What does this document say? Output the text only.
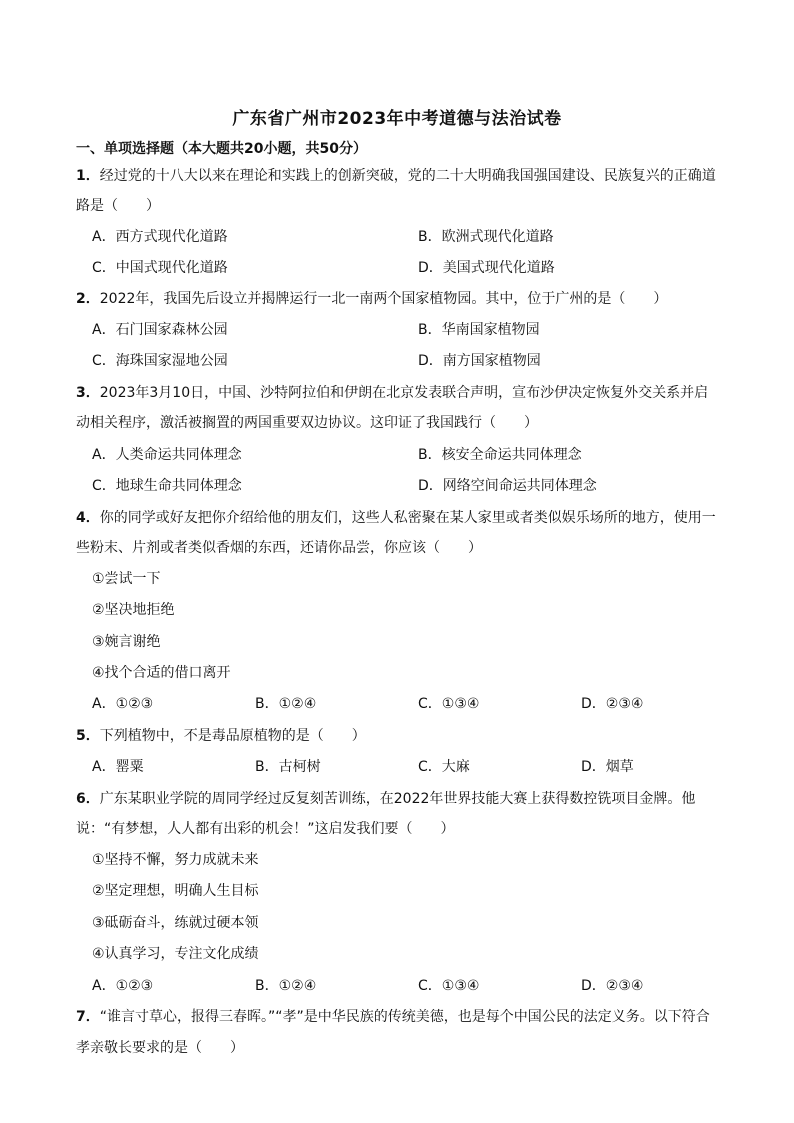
广东省广州市2023年中考道德与法治试卷
一、单项选择题（本大题共20小题，共50分）
1．经过党的十八大以来在理论和实践上的创新突破，党的二十大明确我国强国建设、民族复兴的正确道
路是（　　）
A．西方式现代化道路	B．欧洲式现代化道路
C．中国式现代化道路	D．美国式现代化道路
2．2022年，我国先后设立并揭牌运行一北一南两个国家植物园。其中，位于广州的是（　　）
A．石门国家森林公园	B．华南国家植物园
C．海珠国家湿地公园	D．南方国家植物园
3．2023年3月10日，中国、沙特阿拉伯和伊朗在北京发表联合声明，宣布沙伊决定恢复外交关系并启
动相关程序，激活被搁置的两国重要双边协议。这印证了我国践行（　　）
A．人类命运共同体理念	B．核安全命运共同体理念
C．地球生命共同体理念	D．网络空间命运共同体理念
4．你的同学或好友把你介绍给他的朋友们，这些人私密聚在某人家里或者类似娱乐场所的地方，使用一
些粉末、片剂或者类似香烟的东西，还请你品尝，你应该（　　）
①尝试一下
②坚决地拒绝
③婉言谢绝
④找个合适的借口离开
A．①②③	B．①②④	C．①③④	D．②③④
5．下列植物中，不是毒品原植物的是（　　）
A．罂粟	B．古柯树	C．大麻	D．烟草
6．广东某职业学院的周同学经过反复刻苦训练，在2022年世界技能大赛上获得数控铣项目金牌。他
说：“有梦想，人人都有出彩的机会！”这启发我们要（　　）
①坚持不懈，努力成就未来
②坚定理想，明确人生目标
③砥砺奋斗，练就过硬本领
④认真学习，专注文化成绩
A．①②③	B．①②④	C．①③④	D．②③④
7．“谁言寸草心，报得三春晖。”“孝”是中华民族的传统美德，也是每个中国公民的法定义务。以下符合
孝亲敬长要求的是（　　）
